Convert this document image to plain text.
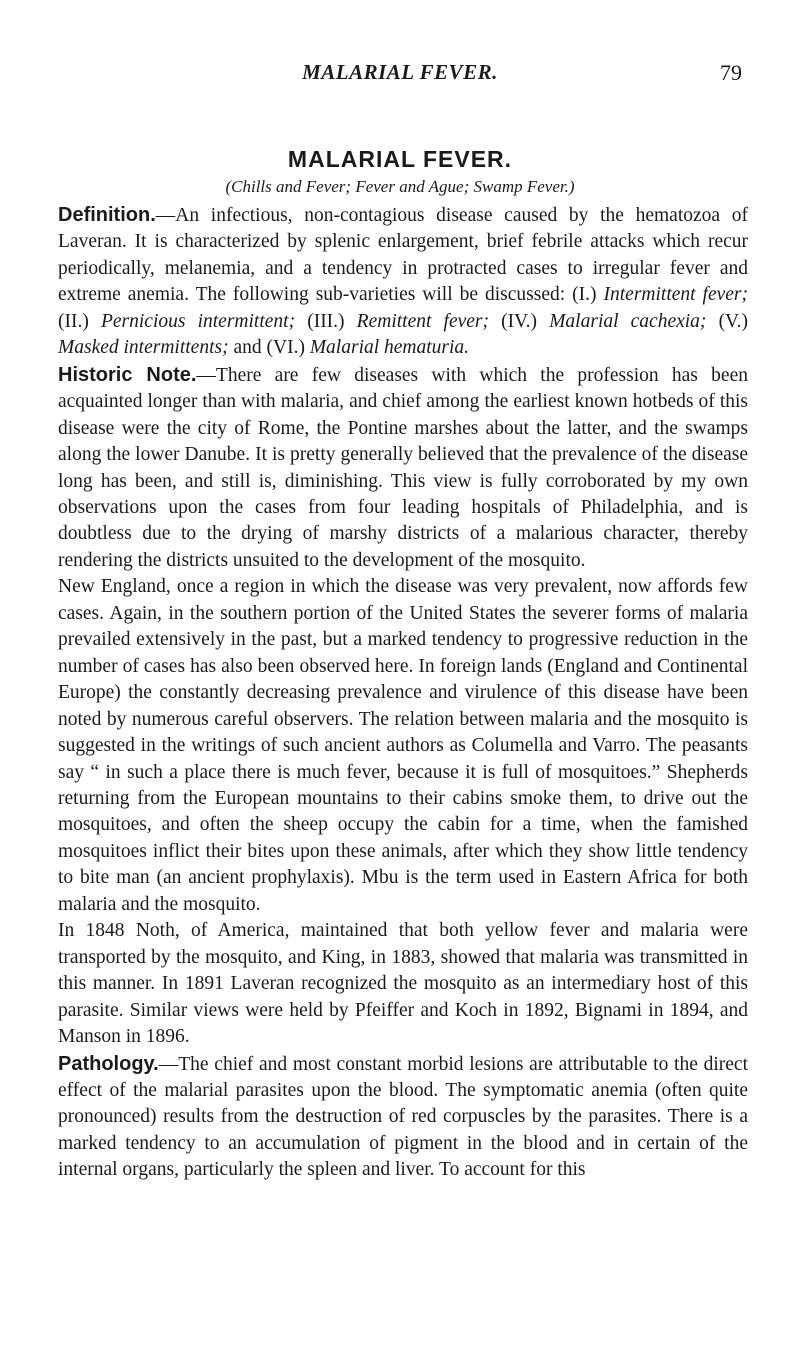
MALARIAL FEVER.	79
MALARIAL FEVER.
(Chills and Fever; Fever and Ague; Swamp Fever.)

Definition.—An infectious, non-contagious disease caused by the hematozoa of Laveran. It is characterized by splenic enlargement, brief febrile attacks which recur periodically, melanemia, and a tendency in protracted cases to irregular fever and extreme anemia. The following sub-varieties will be discussed: (I.) Intermittent fever; (II.) Pernicious intermittent; (III.) Remittent fever; (IV.) Malarial cachexia; (V.) Masked intermittents; and (VI.) Malarial hematuria.

Historic Note.—There are few diseases with which the profession has been acquainted longer than with malaria, and chief among the earliest known hotbeds of this disease were the city of Rome, the Pontine marshes about the latter, and the swamps along the lower Danube. It is pretty generally believed that the prevalence of the disease long has been, and still is, diminishing. This view is fully corroborated by my own observations upon the cases from four leading hospitals of Philadelphia, and is doubtless due to the drying of marshy districts of a malarious character, thereby rendering the districts unsuited to the development of the mosquito.

New England, once a region in which the disease was very prevalent, now affords few cases. Again, in the southern portion of the United States the severer forms of malaria prevailed extensively in the past, but a marked tendency to progressive reduction in the number of cases has also been observed here. In foreign lands (England and Continental Europe) the constantly decreasing prevalence and virulence of this disease have been noted by numerous careful observers. The relation between malaria and the mosquito is suggested in the writings of such ancient authors as Columella and Varro. The peasants say “ in such a place there is much fever, because it is full of mosquitoes.” Shepherds returning from the European mountains to their cabins smoke them, to drive out the mosquitoes, and often the sheep occupy the cabin for a time, when the famished mosquitoes inflict their bites upon these animals, after which they show little tendency to bite man (an ancient prophylaxis). Mbu is the term used in Eastern Africa for both malaria and the mosquito.

In 1848 Noth, of America, maintained that both yellow fever and malaria were transported by the mosquito, and King, in 1883, showed that malaria was transmitted in this manner. In 1891 Laveran recognized the mosquito as an intermediary host of this parasite. Similar views were held by Pfeiffer and Koch in 1892, Bignami in 1894, and Manson in 1896.

Pathology.—The chief and most constant morbid lesions are attributable to the direct effect of the malarial parasites upon the blood. The symptomatic anemia (often quite pronounced) results from the destruction of red corpuscles by the parasites. There is a marked tendency to an accumulation of pigment in the blood and in certain of the internal organs, particularly the spleen and liver. To account for this
